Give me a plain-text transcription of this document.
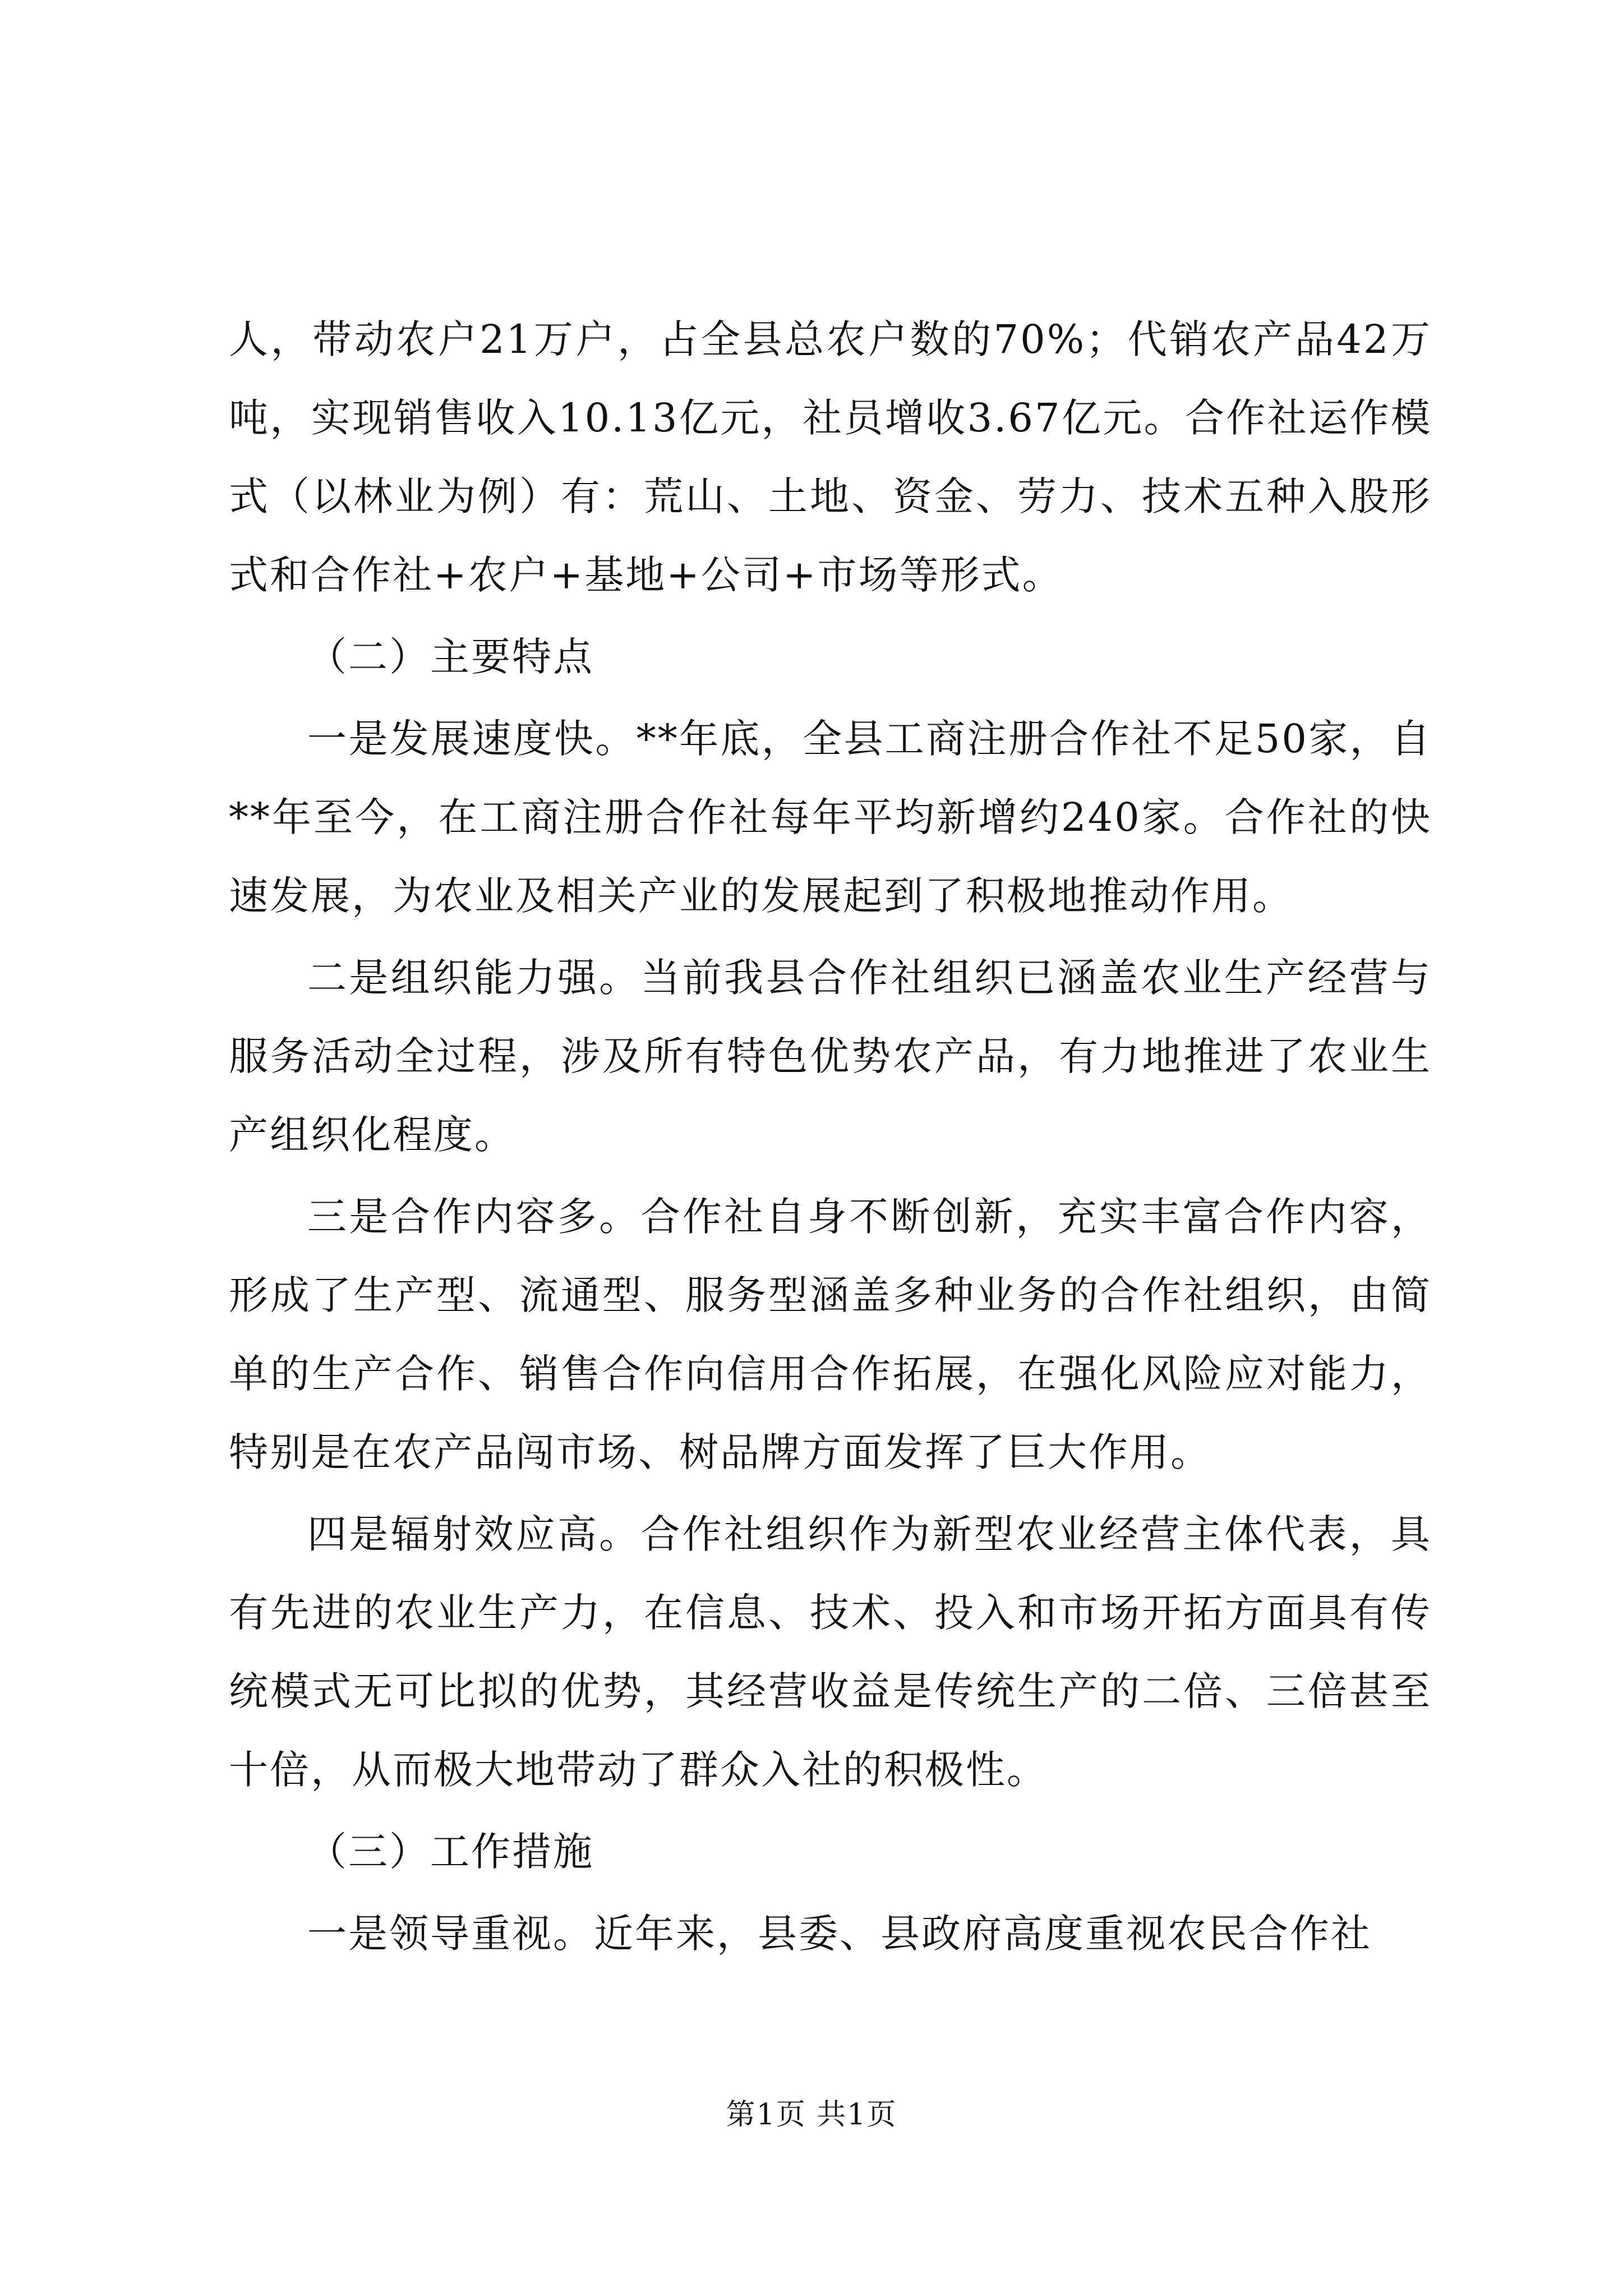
人，带动农户21万户，占全县总农户数的70%；代销农产品42万吨，实现销售收入10.13亿元，社员增收3.67亿元。合作社运作模式（以林业为例）有：荒山、土地、资金、劳力、技术五种入股形式和合作社+农户+基地+公司+市场等形式。

（二）主要特点

一是发展速度快。**年底，全县工商注册合作社不足50家，自**年至今，在工商注册合作社每年平均新增约240家。合作社的快速发展，为农业及相关产业的发展起到了积极地推动作用。

二是组织能力强。当前我县合作社组织已涵盖农业生产经营与服务活动全过程，涉及所有特色优势农产品，有力地推进了农业生产组织化程度。

三是合作内容多。合作社自身不断创新，充实丰富合作内容，形成了生产型、流通型、服务型涵盖多种业务的合作社组织，由简单的生产合作、销售合作向信用合作拓展，在强化风险应对能力，特别是在农产品闯市场、树品牌方面发挥了巨大作用。

四是辐射效应高。合作社组织作为新型农业经营主体代表，具有先进的农业生产力，在信息、技术、投入和市场开拓方面具有传统模式无可比拟的优势，其经营收益是传统生产的二倍、三倍甚至十倍，从而极大地带动了群众入社的积极性。

（三）工作措施

一是领导重视。近年来，县委、县政府高度重视农民合作社

第1页 共1页
